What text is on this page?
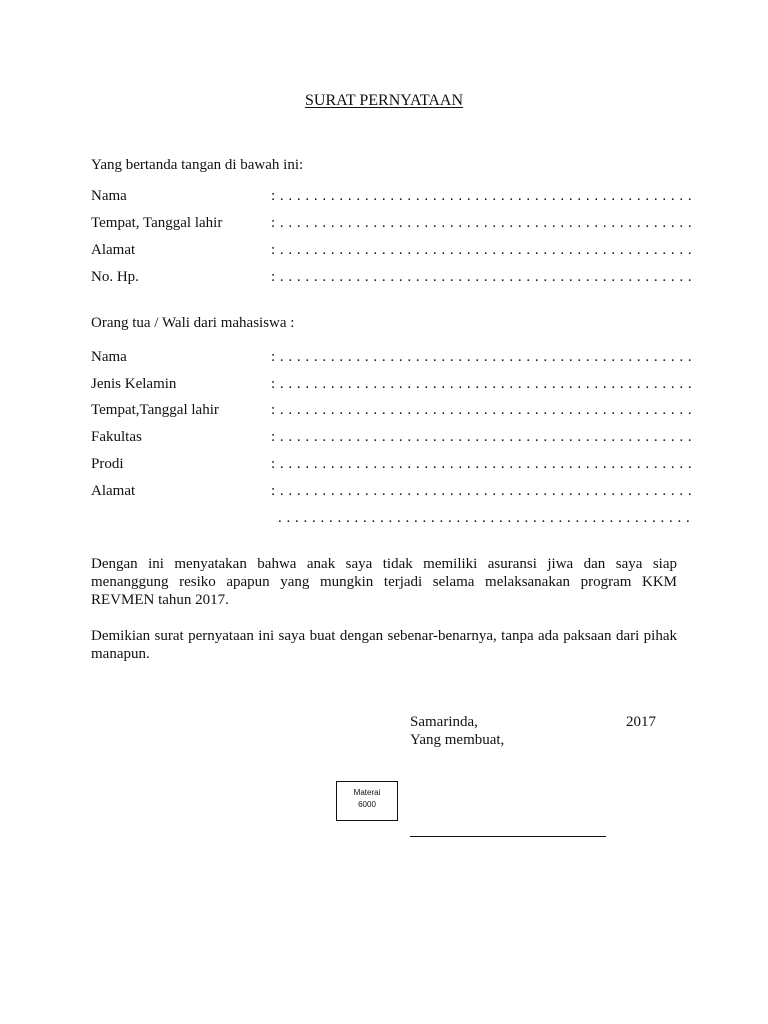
SURAT PERNYATAAN
Yang bertanda tangan di bawah ini:
Nama	: . . . . . . . . . . . . . . . . . . . . . . . . . . . . . . . . . . . . . . . . . . . . . . . . .
Tempat, Tanggal lahir	: . . . . . . . . . . . . . . . . . . . . . . . . . . . . . . . . . . . . . . . . . . . . . . . . .
Alamat	: . . . . . . . . . . . . . . . . . . . . . . . . . . . . . . . . . . . . . . . . . . . . . . . . .
No. Hp.	: . . . . . . . . . . . . . . . . . . . . . . . . . . . . . . . . . . . . . . . . . . . . . . . . .
Orang tua / Wali dari mahasiswa :
Nama	: . . . . . . . . . . . . . . . . . . . . . . . . . . . . . . . . . . . . . . . . . . . . . . . . .
Jenis Kelamin	: . . . . . . . . . . . . . . . . . . . . . . . . . . . . . . . . . . . . . . . . . . . . . . . . .
Tempat,Tanggal lahir	: . . . . . . . . . . . . . . . . . . . . . . . . . . . . . . . . . . . . . . . . . . . . . . . . .
Fakultas	: . . . . . . . . . . . . . . . . . . . . . . . . . . . . . . . . . . . . . . . . . . . . . . . . .
Prodi	: . . . . . . . . . . . . . . . . . . . . . . . . . . . . . . . . . . . . . . . . . . . . . . . . .
Alamat	: . . . . . . . . . . . . . . . . . . . . . . . . . . . . . . . . . . . . . . . . . . . . . . . . .
. . . . . . . . . . . . . . . . . . . . . . . . . . . . . . . . . . . . . . . . . . . . . . . . .
Dengan ini menyatakan bahwa anak saya tidak memiliki asuransi jiwa dan saya siap menanggung resiko apapun yang mungkin terjadi selama melaksanakan program KKM REVMEN tahun 2017.
Demikian surat pernyataan ini saya buat dengan sebenar-benarnya, tanpa ada paksaan dari pihak manapun.
Samarinda,	2017
Yang membuat,
Materai
6000
